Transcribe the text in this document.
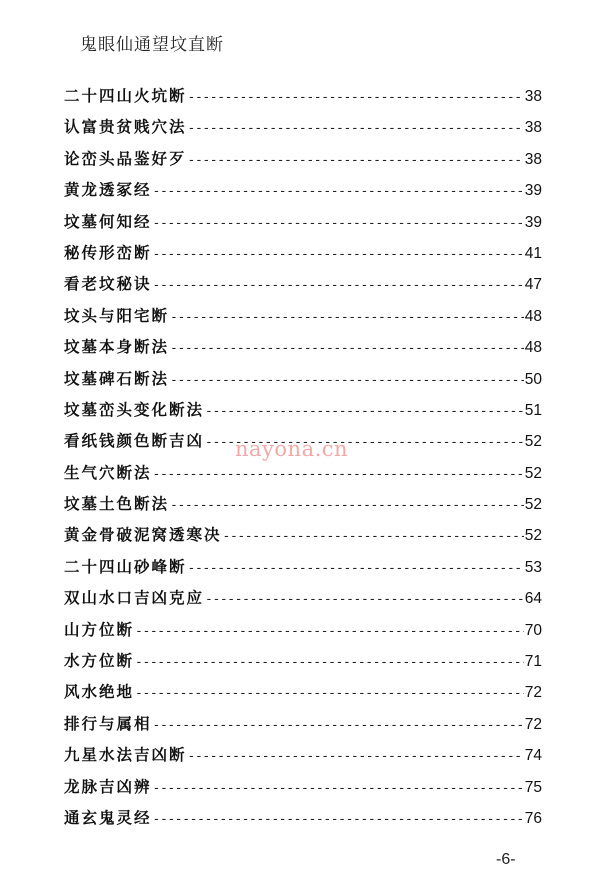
鬼眼仙通望坟直断
二十四山火坑断 -----	38
认富贵贫贱穴法 -----	38
论峦头品鉴好歹 -----	38
黄龙透冢经 -----	39
坟墓何知经 -----	39
秘传形峦断 -----	41
看老坟秘诀 -----	47
坟头与阳宅断 -----	48
坟墓本身断法 -----	48
坟墓碑石断法 -----	50
坟墓峦头变化断法 -----	51
看纸钱颜色断吉凶 -----	52
生气穴断法 -----	52
坟墓土色断法 -----	52
黄金骨破泥窝透寒决 -----	52
二十四山砂峰断 -----	53
双山水口吉凶克应 -----	64
山方位断 -----	70
水方位断 -----	71
风水绝地 -----	72
排行与属相 -----	72
九星水法吉凶断 -----	74
龙脉吉凶辨 -----	75
通玄鬼灵经 -----	76
nayona.cn
-6-
